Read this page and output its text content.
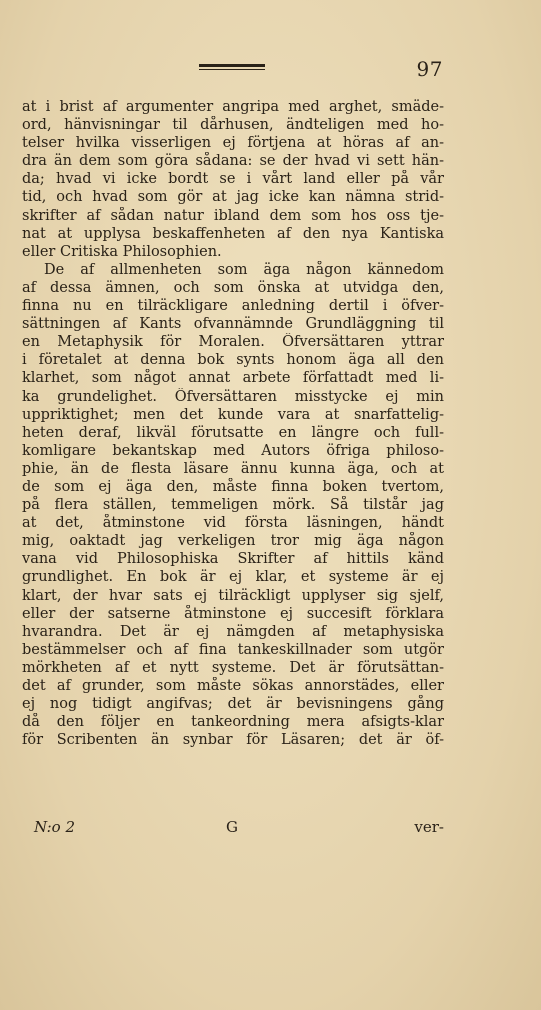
97
at i brist af argumenter angripa med arghet, smäde-
ord, hänvisningar til dårhusen, ändteligen med ho-
telser hvilka visserligen ej förtjena at höras af an-
dra än dem som göra sådana: se der hvad vi sett hän-
da; hvad vi icke bordt se i vårt land eller på vår
tid, och hvad som gör at jag icke kan nämna strid-
skrifter af sådan natur ibland dem som hos oss tje-
nat at upplysa beskaffenheten af den nya Kantiska
eller Critiska Philosophien.
De af allmenheten som äga någon kännedom
af dessa ämnen, och som önska at utvidga den,
finna nu en tilräckligare anledning dertil i öfver-
sättningen af Kants ofvannämnde Grundläggning til
en Metaphysik för Moralen. Öfversättaren yttrar
i företalet at denna bok synts honom äga all den
klarhet, som något annat arbete författadt med li-
ka grundelighet. Öfversättaren misstycke ej min
uppriktighet; men det kunde vara at snarfattelig-
heten deraf, likväl förutsatte en längre och full-
komligare bekantskap med Autors öfriga philoso-
phie, än de flesta läsare ännu kunna äga, och at
de som ej äga den, måste finna boken tvertom,
på flera ställen, temmeligen mörk. Så tilstår jag
at det, åtminstone vid första läsningen, händt
mig, oaktadt jag verkeligen tror mig äga någon
vana vid Philosophiska Skrifter af hittils känd
grundlighet. En bok är ej klar, et systeme är ej
klart, der hvar sats ej tilräckligt upplyser sig sjelf,
eller der satserne åtminstone ej succesift förklara
hvarandra. Det är ej nämgden af metaphysiska
bestämmelser och af fina tankeskillnader som utgör
mörkheten af et nytt systeme. Det är förutsättan-
det af grunder, som måste sökas annorstädes, eller
ej nog tidigt angifvas; det är bevisningens gång
då den följer en tankeordning mera afsigts-klar
för Scribenten än synbar för Läsaren; det är öf-
N:o 2	G	ver-
